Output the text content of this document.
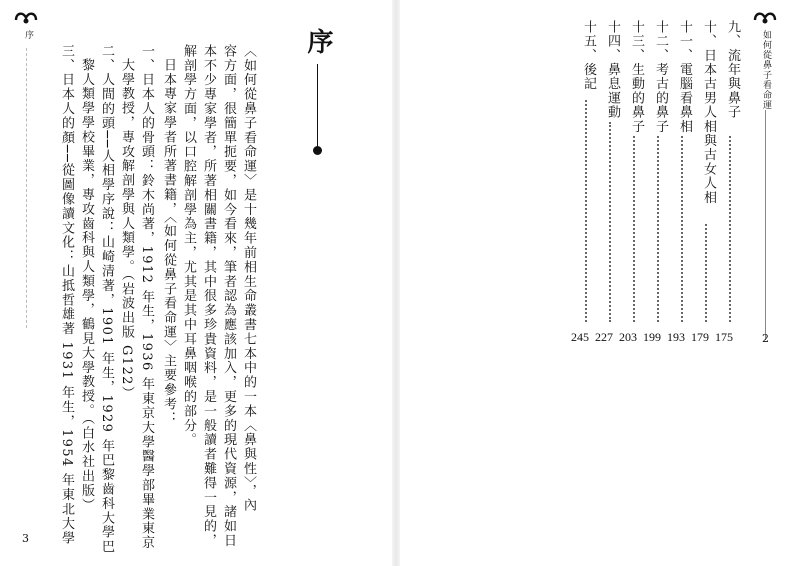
序
三、日本人的顏──從圖像讀文化：山抵哲雄著 1931 年生，1954 年東北大學 黎人類學學校畢業，專攻齒科與人類學，鶴見大學教授。（白水社出版） 二、人間的頭──人相學序說：山崎清著，1901 年生，1929 年巴黎齒科大學巴 大學教授，專攻解剖學與人類學。（岩波出版 G122） 一、日本人的骨頭：鈴木尚著，1912 年生，1936 年東京大學醫學部畢業東京 日本專家學者所著書籍，〈如何從鼻子看命運〉主要參考： 解剖學方面，以口腔解剖學為主，尤其是其中耳鼻咽喉的部分。 本不少專家學者，所著相關書籍，其中很多珍貴資料，是一般讀者難得一見的， 容方面，很簡單扼要，如今看來，筆者認為應該加入，更多的現代資源，諸如日 〈如何從鼻子看命運〉是十幾年前相生命叢書七本中的一本〈鼻與性〉，內
序
3
九、流年與鼻子
175
十、日本古男人相與古女人相
179
十一、電腦看鼻相
193
十二、考古的鼻子
199
十三、生動的鼻子
203
十四、鼻息運動
227
十五、後記
245
如何從鼻子看命運
2
